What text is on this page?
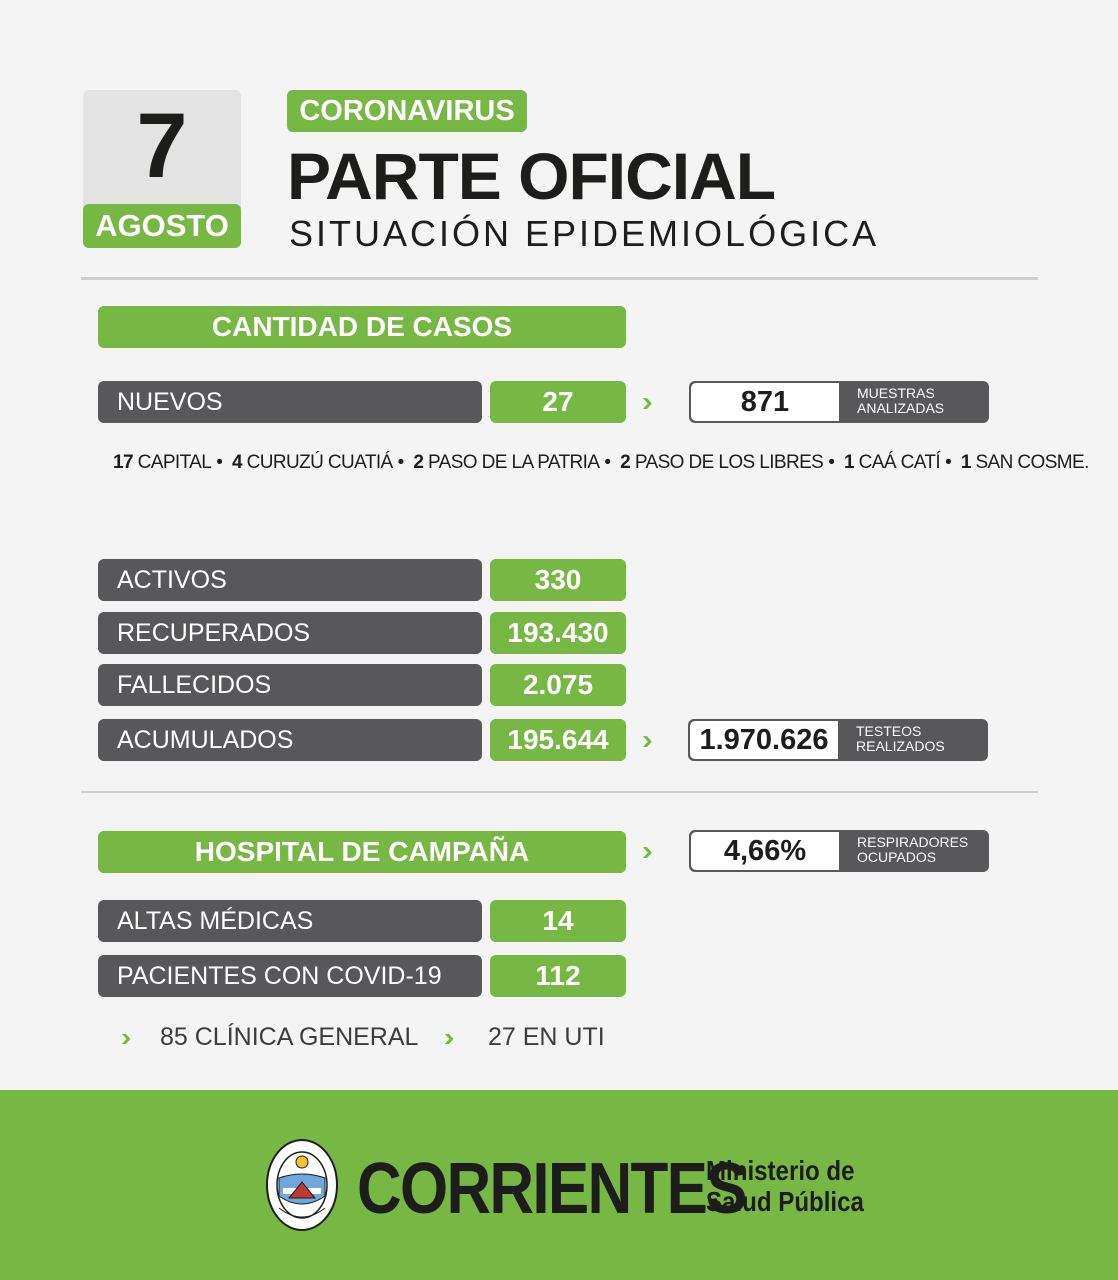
7
AGOSTO
CORONAVIRUS
PARTE OFICIAL
SITUACIÓN EPIDEMIOLÓGICA
CANTIDAD DE CASOS
NUEVOS	27	››	871	MUESTRAS
ANALIZADAS
17 CAPITAL • 4 CURUZÚ CUATIÁ • 2 PASO DE LA PATRIA • 2 PASO DE LOS LIBRES • 1 CAÁ CATÍ • 1 SAN COSME.
ACTIVOS	330
RECUPERADOS	193.430
FALLECIDOS	2.075
ACUMULADOS	195.644	››	1.970.626	TESTEOS
REALIZADOS
HOSPITAL DE CAMPAÑA	››	4,66%	RESPIRADORES
OCUPADOS
ALTAS MÉDICAS	14
PACIENTES CON COVID-19	112
›› 85 CLÍNICA GENERAL ›› 27 EN UTI
CORRIENTES
Ministerio de
Salud Pública
